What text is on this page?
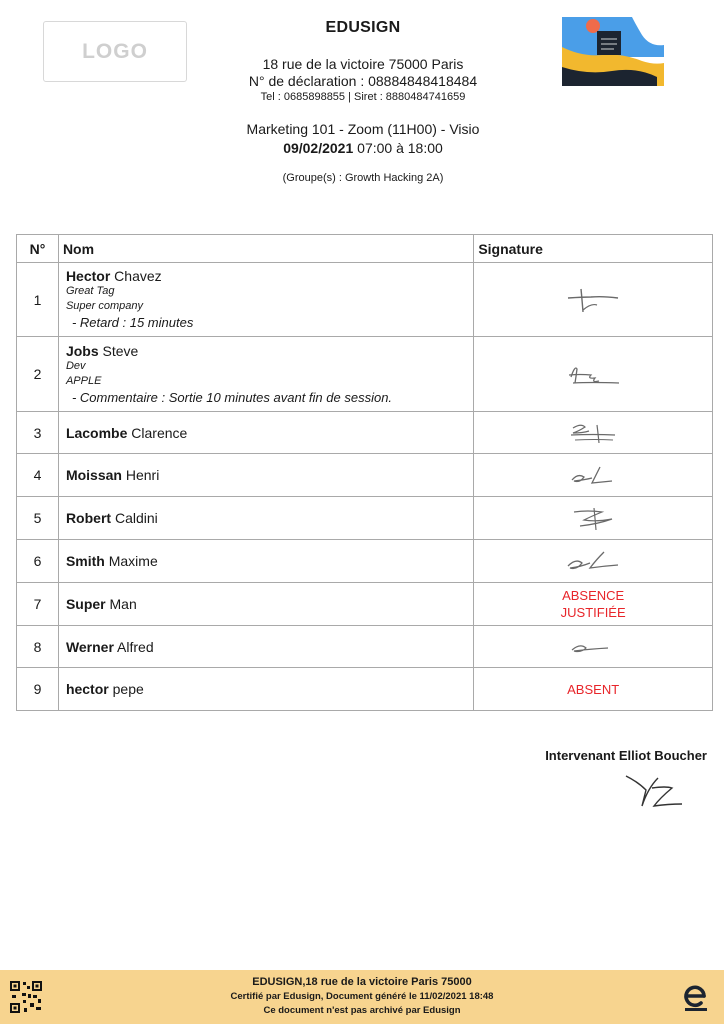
LOGO
EDUSIGN
18 rue de la victoire 75000 Paris
N° de déclaration : 08884848418484
Tel : 0685898855 | Siret : 8880484741659
Marketing 101 - Zoom (11H00) - Visio
09/02/2021 07:00 à 18:00
(Groupe(s) : Growth Hacking 2A)
N°	Nom	Signature
1	Hector Chavez
Great Tag
Super company
- Retard : 15 minutes

2	Jobs Steve
Dev
APPLE
- Commentaire : Sortie 10 minutes avant fin de session.

3	Lacombe Clarence

4	Moissan Henri

5	Robert Caldini

6	Smith Maxime

7	Super Man	ABSENCE
JUSTIFIÉE

8	Werner Alfred

9	hector pepe	ABSENT
Intervenant Elliot Boucher
EDUSIGN,18 rue de la victoire Paris 75000
Certifié par Edusign, Document généré le 11/02/2021 18:48
Ce document n'est pas archivé par Edusign
